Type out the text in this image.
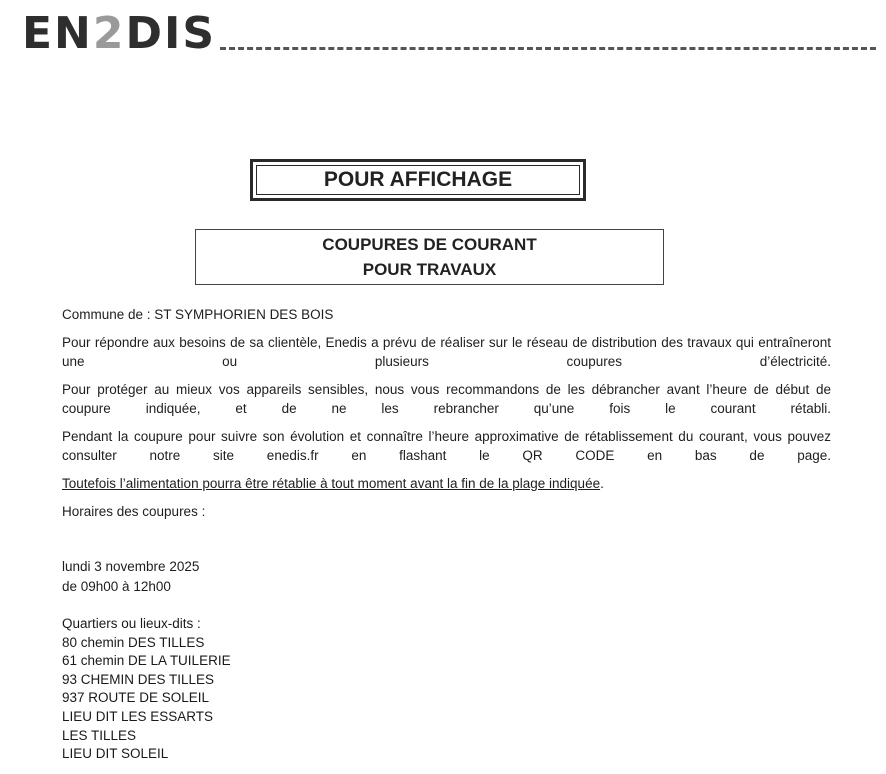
EN2DIS
POUR AFFICHAGE
COUPURES DE COURANT
POUR TRAVAUX
Commune de : ST SYMPHORIEN DES BOIS
Pour répondre aux besoins de sa clientèle, Enedis a prévu de réaliser sur le réseau de distribution des travaux qui entraîneront une ou plusieurs coupures d’électricité.
Pour protéger au mieux vos appareils sensibles, nous vous recommandons de les débrancher avant l’heure de début de coupure indiquée, et de ne les rebrancher qu’une fois le courant rétabli.
Pendant la coupure pour suivre son évolution et connaître l’heure approximative de rétablissement du courant, vous pouvez consulter notre site enedis.fr en flashant le QR CODE en bas de page.
Toutefois l’alimentation pourra être rétablie à tout moment avant la fin de la plage indiquée.
Horaires des coupures :
lundi 3 novembre 2025
de 09h00 à 12h00
Quartiers ou lieux-dits :
80 chemin DES TILLES
61 chemin DE LA TUILERIE
93 CHEMIN DES TILLES
937 ROUTE DE SOLEIL
LIEU DIT LES ESSARTS
LES TILLES
LIEU DIT SOLEIL
